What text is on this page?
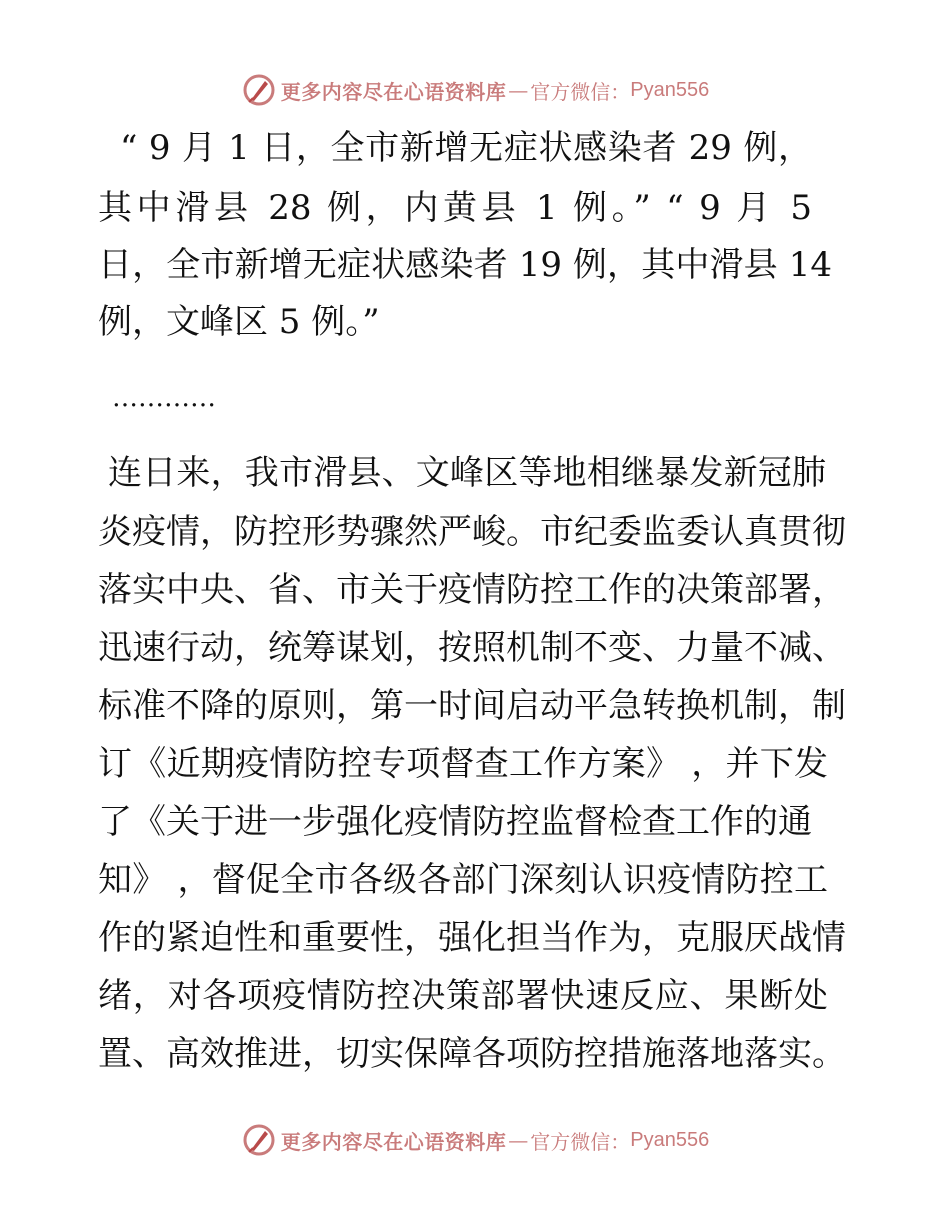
更多内容尽在心语资料库 — 官方微信： Pyan556
“ 9 月 1 日，全市新增无症状感染者 29 例，
其中滑县 28 例，内黄县 1 例。” “ 9 月 5
日，全市新增无症状感染者 19 例，其中滑县 14
例，文峰区 5 例。”
…………
连日来，我市滑县、文峰区等地相继暴发新冠肺
炎疫情，防控形势骤然严峻。市纪委监委认真贯彻
落实中央、省、市关于疫情防控工作的决策部署，
迅速行动，统筹谋划，按照机制不变、力量不减、
标准不降的原则，第一时间启动平急转换机制，制
订《近期疫情防控专项督查工作方案》 ，并下发
了《关于进一步强化疫情防控监督检查工作的通
知》 ，督促全市各级各部门深刻认识疫情防控工
作的紧迫性和重要性，强化担当作为，克服厌战情
绪，对各项疫情防控决策部署快速反应、果断处
置、高效推进，切实保障各项防控措施落地落实。
更多内容尽在心语资料库 — 官方微信： Pyan556
